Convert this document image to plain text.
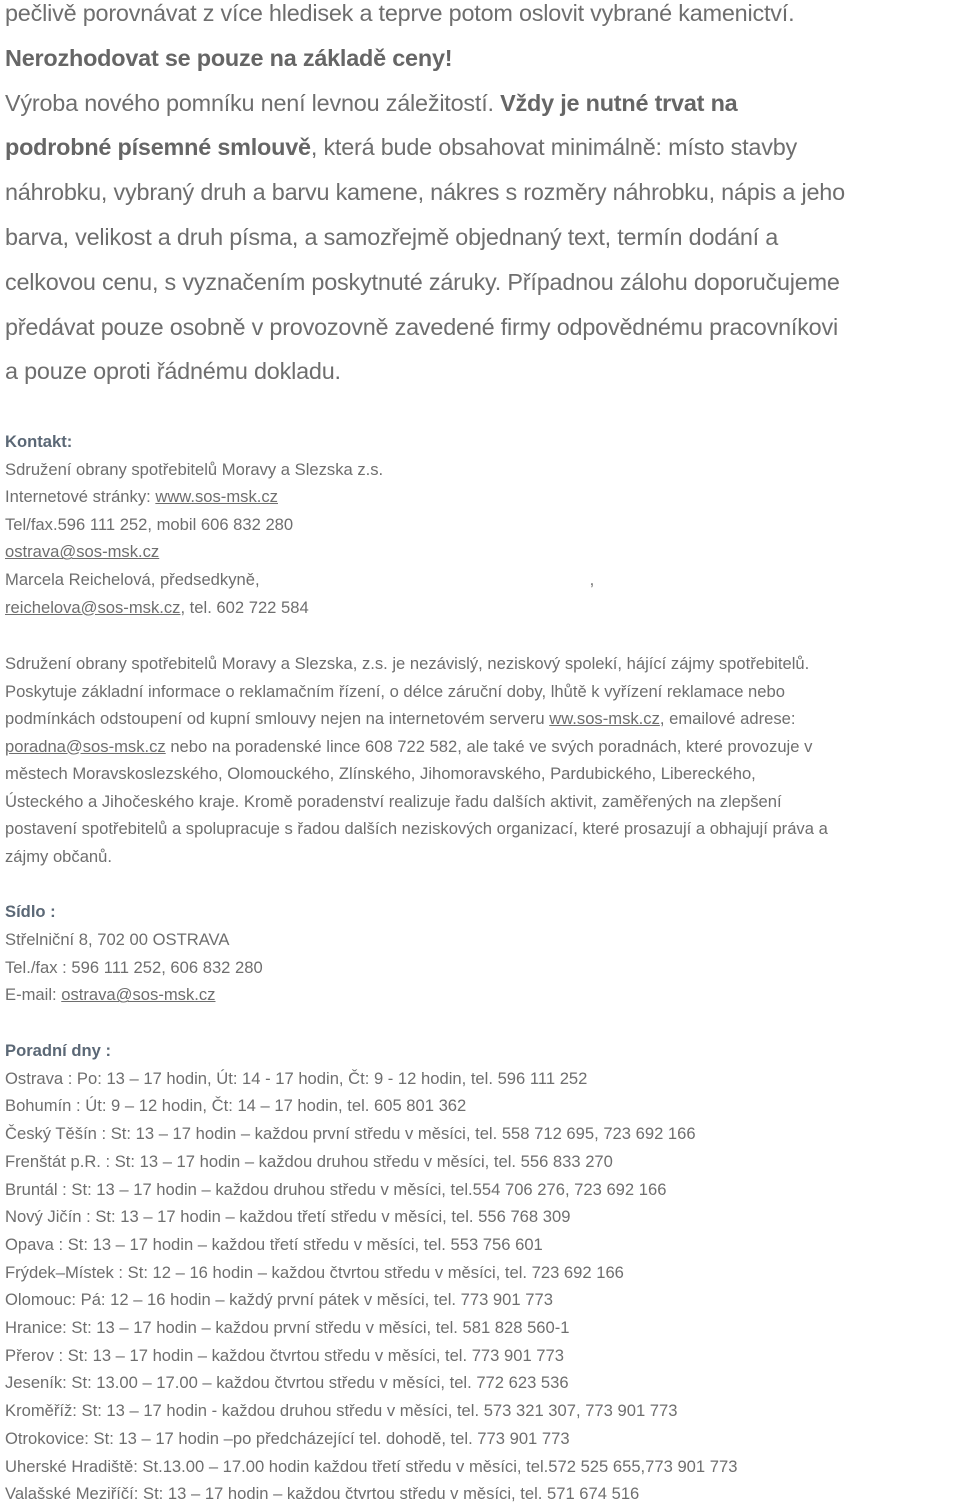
pečlivě porovnávat z více hledisek a teprve potom oslovit vybrané kamenictví.
Nerozhodovat se pouze na základě ceny!
Výroba nového pomníku není levnou záležitostí. Vždy je nutné trvat na
podrobné písemné smlouvě, která bude obsahovat minimálně: místo stavby
náhrobku, vybraný druh a barvu kamene, nákres s rozměry náhrobku, nápis a jeho
barva, velikost a druh písma, a samozřejmě objednaný text, termín dodání a
celkovou cenu, s vyznačením poskytnuté záruky. Případnou zálohu doporučujeme
předávat pouze osobně v provozovně zavedené firmy odpovědnému pracovníkovi
a pouze oproti řádnému dokladu.
Kontakt:
Sdružení obrany spotřebitelů Moravy a Slezska z.s.
Internetové stránky: www.sos-msk.cz
Tel/fax.596 111 252, mobil 606 832 280
ostrava@sos-msk.cz
Marcela Reichelová, předsedkyně,	,
reichelova@sos-msk.cz, tel. 602 722 584
Sdružení obrany spotřebitelů Moravy a Slezska, z.s. je nezávislý, neziskový spolekí, hájící zájmy spotřebitelů.
Poskytuje základní informace o reklamačním řízení, o délce záruční doby, lhůtě k vyřízení reklamace nebo
podmínkách odstoupení od kupní smlouvy nejen na internetovém serveru ww.sos-msk.cz, emailové adrese:
poradna@sos-msk.cz nebo na poradenské lince 608 722 582, ale také ve svých poradnách, které provozuje v
městech Moravskoslezského, Olomouckého, Zlínského, Jihomoravského, Pardubického, Libereckého,
Ústeckého a Jihočeského kraje. Kromě poradenství realizuje řadu dalších aktivit, zaměřených na zlepšení
postavení spotřebitelů a spolupracuje s řadou dalších neziskových organizací, které prosazují a obhajují práva a
zájmy občanů.
Sídlo :
Střelniční 8, 702 00 OSTRAVA
Tel./fax : 596 111 252, 606 832 280
E-mail: ostrava@sos-msk.cz
Poradní dny :
Ostrava : Po: 13 – 17 hodin, Út: 14 - 17 hodin, Čt: 9 - 12 hodin, tel. 596 111 252
Bohumín : Út: 9 – 12 hodin, Čt: 14 – 17 hodin, tel. 605 801 362
Český Těšín : St: 13 – 17 hodin – každou první středu v měsíci, tel. 558 712 695, 723 692 166
Frenštát p.R. : St: 13 – 17 hodin – každou druhou středu v měsíci, tel. 556 833 270
Bruntál : St: 13 – 17 hodin – každou druhou středu v měsíci, tel.554 706 276, 723 692 166
Nový Jičín : St: 13 – 17 hodin – každou třetí středu v měsíci, tel. 556 768 309
Opava : St: 13 – 17 hodin – každou třetí středu v měsíci, tel. 553 756 601
Frýdek–Místek : St: 12 – 16 hodin – každou čtvrtou středu v měsíci, tel. 723 692 166
Olomouc: Pá: 12 – 16 hodin – každý první pátek v měsíci, tel. 773 901 773
Hranice: St: 13 – 17 hodin – každou první středu v měsíci, tel. 581 828 560-1
Přerov : St: 13 – 17 hodin – každou čtvrtou středu v měsíci, tel. 773 901 773
Jeseník: St: 13.00 – 17.00 – každou čtvrtou středu v měsíci, tel. 772 623 536
Kroměříž: St: 13 – 17 hodin - každou druhou středu v měsíci, tel. 573 321 307, 773 901 773
Otrokovice: St: 13 – 17 hodin –po předcházející tel. dohodě, tel. 773 901 773
Uherské Hradiště: St.13.00 – 17.00 hodin každou třetí středu v měsíci, tel.572 525 655,773 901 773
Valašské Meziříčí: St: 13 – 17 hodin – každou čtvrtou středu v měsíci, tel. 571 674 516
